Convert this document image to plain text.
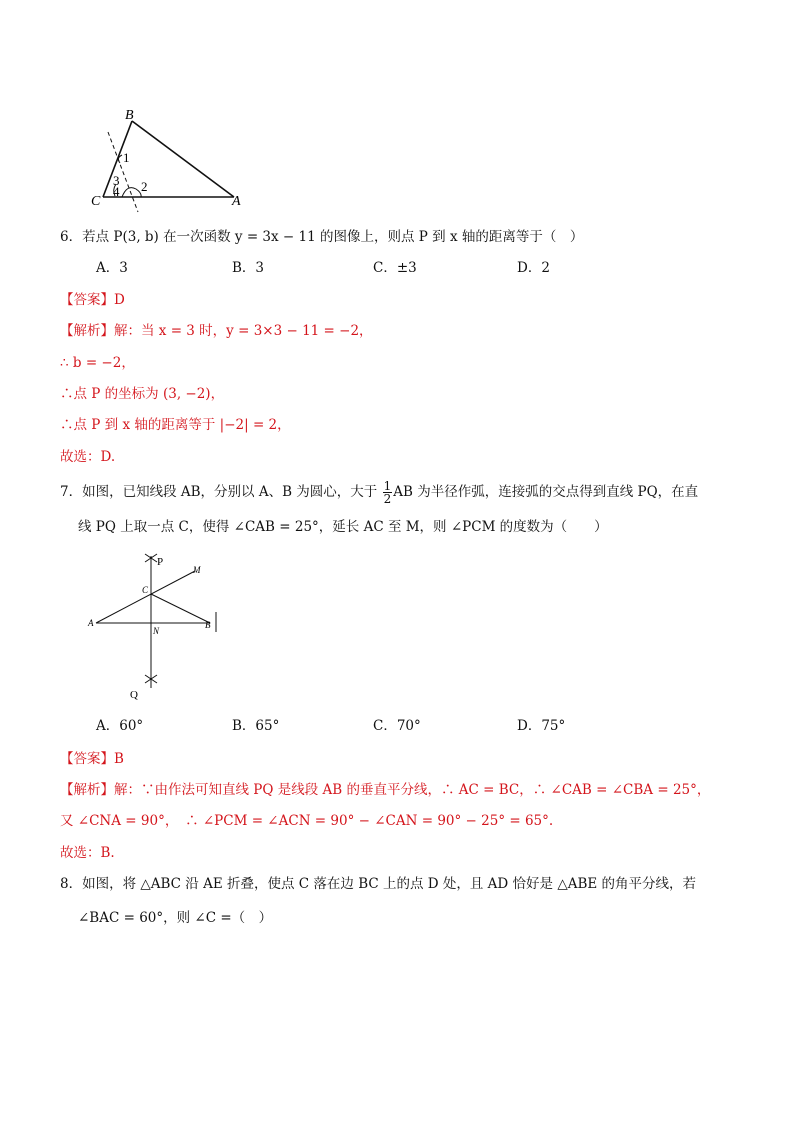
B
C	A
1
3
4 2
6．若点 P(3, b) 在一次函数 y = 3x − 11 的图像上，则点 P 到 x 轴的距离等于（　）
A．3	B．3	C．±3	D．2
【答案】D
【解析】解：当 x = 3 时，y = 3×3 − 11 = −2，
∴ b = −2，
∴点 P 的坐标为 (3, −2)，
∴点 P 到 x 轴的距离等于 |−2| = 2，
故选：D.
7．如图，已知线段 AB，分别以 A、B 为圆心，大于 $\frac{1}{2}$ AB 为半径作弧，连接弧的交点得到直线 PQ，在直
线 PQ 上取一点 C，使得 ∠CAB = 25°，延长 AC 至 M，则 ∠PCM 的度数为（　　）
P
M
C
A
N
B
Q
A．60°	B．65°	C．70°	D．75°
【答案】B
【解析】解：∵由作法可知直线 PQ 是线段 AB 的垂直平分线，∴ AC = BC，∴ ∠CAB = ∠CBA = 25°，
又 ∠CNA = 90°，　∴ ∠PCM = ∠ACN = 90° − ∠CAN = 90° − 25° = 65°.
故选：B.
8．如图，将 △ABC 沿 AE 折叠，使点 C 落在边 BC 上的点 D 处，且 AD 恰好是 △ABE 的角平分线，若
∠BAC = 60°，则 ∠C =（　）
